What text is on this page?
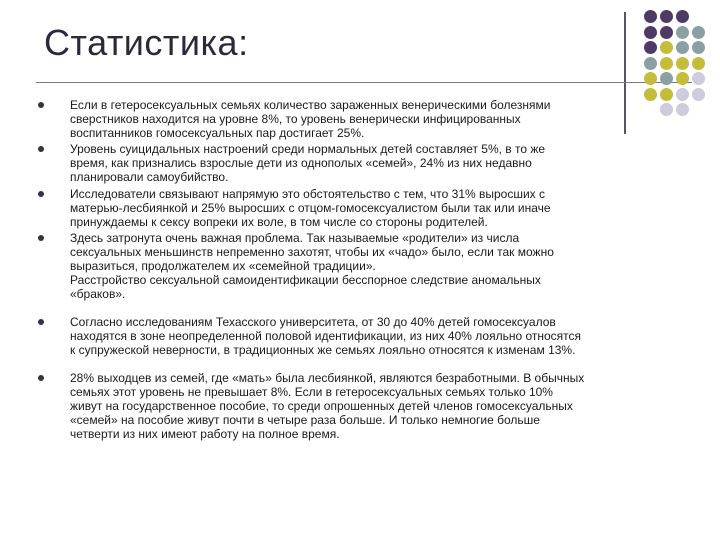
Статистика:
Если в гетеросексуальных семьях количество зараженных венерическими болезнями
сверстников находится на уровне 8%, то уровень венерически инфицированных
воспитанников гомосексуальных пар достигает 25%.
Уровень суицидальных настроений среди нормальных детей составляет 5%, в то же
время, как признались взрослые дети из однополых «семей», 24% из них недавно
планировали самоубийство.
Исследователи связывают напрямую это обстоятельство с тем, что 31% выросших с
матерью-лесбиянкой и 25% выросших с отцом-гомосексуалистом были так или иначе
принуждаемы к сексу вопреки их воле, в том числе со стороны родителей.
Здесь затронута очень важная проблема. Так называемые «родители» из числа
сексуальных меньшинств непременно захотят, чтобы их «чадо» было, если так можно
выразиться, продолжателем их «семейной традиции».
Расстройство сексуальной самоидентификации бесспорное следствие аномальных
«браков».
Согласно исследованиям Техасского университета, от 30 до 40% детей гомосексуалов
находятся в зоне неопределенной половой идентификации, из них 40% лояльно относятся
к супружеской неверности, в традиционных же семьях лояльно относятся к изменам 13%.
28% выходцев из семей, где «мать» была лесбиянкой, являются безработными. В обычных
семьях этот уровень не превышает 8%. Если в гетеросексуальных семьях только 10%
живут на государственное пособие, то среди опрошенных детей членов гомосексуальных
«семей» на пособие живут почти в четыре раза больше. И только немногие больше
четверти из них имеют работу на полное время.
